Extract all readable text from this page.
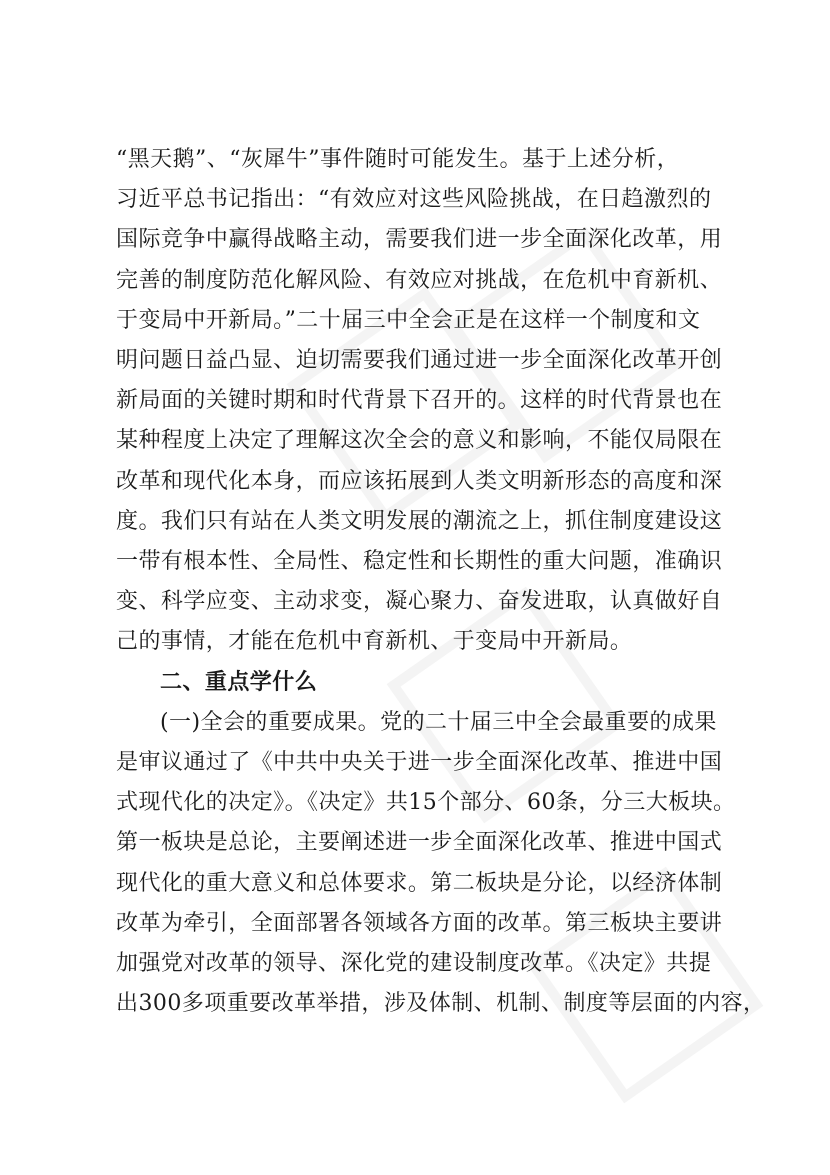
“黑天鹅”、“灰犀牛”事件随时可能发生。基于上述分析，
习近平总书记指出：“有效应对这些风险挑战，在日趋激烈的
国际竞争中赢得战略主动，需要我们进一步全面深化改革，用
完善的制度防范化解风险、有效应对挑战，在危机中育新机、
于变局中开新局。”二十届三中全会正是在这样一个制度和文
明问题日益凸显、迫切需要我们通过进一步全面深化改革开创
新局面的关键时期和时代背景下召开的。这样的时代背景也在
某种程度上决定了理解这次全会的意义和影响，不能仅局限在
改革和现代化本身，而应该拓展到人类文明新形态的高度和深
度。我们只有站在人类文明发展的潮流之上，抓住制度建设这
一带有根本性、全局性、稳定性和长期性的重大问题，准确识
变、科学应变、主动求变，凝心聚力、奋发进取，认真做好自
己的事情，才能在危机中育新机、于变局中开新局。
二、重点学什么
(一)全会的重要成果。党的二十届三中全会最重要的成果
是审议通过了《中共中央关于进一步全面深化改革、推进中国
式现代化的决定》。《决定》共15个部分、60条，分三大板块。
第一板块是总论，主要阐述进一步全面深化改革、推进中国式
现代化的重大意义和总体要求。第二板块是分论，以经济体制
改革为牵引，全面部署各领域各方面的改革。第三板块主要讲
加强党对改革的领导、深化党的建设制度改革。《决定》共提
出300多项重要改革举措，涉及体制、机制、制度等层面的内容，
